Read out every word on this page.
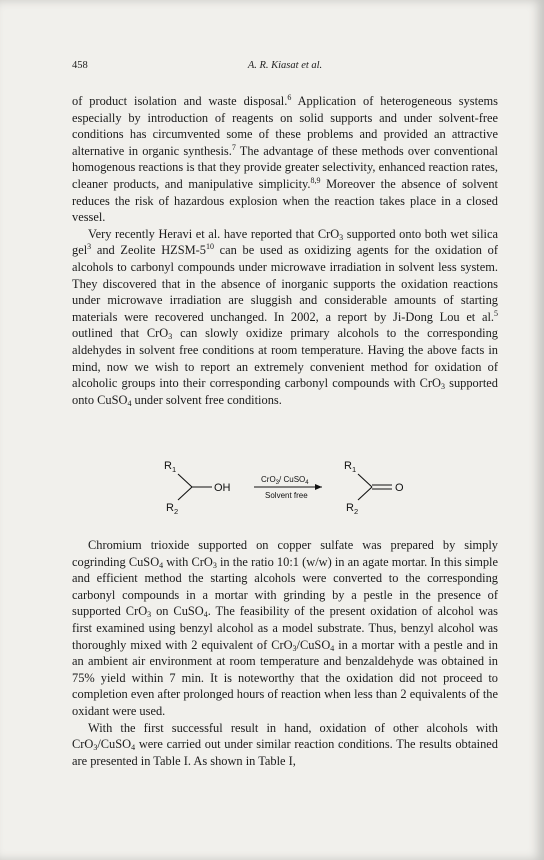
458	A. R. Kiasat et al.

of product isolation and waste disposal.$^6$ Application of heterogeneous systems especially by introduction of reagents on solid supports and under solvent-free conditions has circumvented some of these problems and provided an attractive alternative in organic synthesis.$^7$ The advantage of these methods over conventional homogenous reactions is that they provide greater selectivity, enhanced reaction rates, cleaner products, and manipulative simplicity.$^{8,9}$ Moreover the absence of solvent reduces the risk of hazardous explosion when the reaction takes place in a closed vessel.

Very recently Heravi et al. have reported that CrO$_3$ supported onto both wet silica gel$^3$ and Zeolite HZSM-$5^{10}$ can be used as oxidizing agents for the oxidation of alcohols to carbonyl compounds under microwave irradiation in solvent less system. They discovered that in the absence of inorganic supports the oxidation reactions under microwave irradiation are sluggish and considerable amounts of starting materials were recovered unchanged. In 2002, a report by Ji-Dong Lou et al.$^5$ outlined that CrO$_3$ can slowly oxidize primary alcohols to the corresponding aldehydes in solvent free conditions at room temperature. Having the above facts in mind, now we wish to report an extremely convenient method for oxidation of alcoholic groups into their corresponding carbonyl compounds with CrO$_3$ supported onto CuSO$_4$ under solvent free conditions.

$R_1$
OH
$R_2$
CrO$_3$/ CuSO$_4$
Solvent free
$R_1$
O
$R_2$

Chromium trioxide supported on copper sulfate was prepared by simply cogrinding CuSO$_4$ with CrO$_3$ in the ratio 10:1 (w/w) in an agate mortar. In this simple and efficient method the starting alcohols were converted to the corresponding carbonyl compounds in a mortar with grinding by a pestle in the presence of supported CrO$_3$ on CuSO$_4$. The feasibility of the present oxidation of alcohol was first examined using benzyl alcohol as a model substrate. Thus, benzyl alcohol was thoroughly mixed with 2 equivalent of CrO$_3$/CuSO$_4$ in a mortar with a pestle and in an ambient air environment at room temperature and benzaldehyde was obtained in 75% yield within 7 min. It is noteworthy that the oxidation did not proceed to completion even after prolonged hours of reaction when less than 2 equivalents of the oxidant were used.

With the first successful result in hand, oxidation of other alcohols with CrO$_3$/CuSO$_4$ were carried out under similar reaction conditions. The results obtained are presented in Table I. As shown in Table I,
